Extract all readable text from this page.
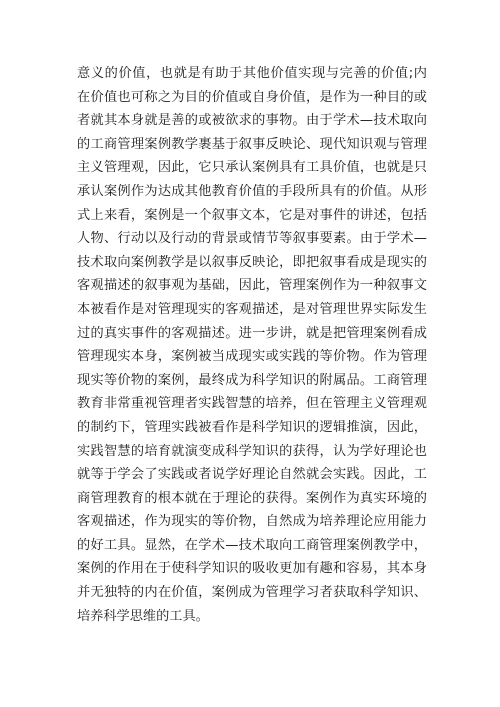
意义的价值，也就是有助于其他价值实现与完善的价值;内
在价值也可称之为目的价值或自身价值，是作为一种目的或
者就其本身就是善的或被欲求的事物。由于学术—技术取向
的工商管理案例教学裹基于叙事反映论、现代知识观与管理
主义管理观，因此，它只承认案例具有工具价值，也就是只
承认案例作为达成其他教育价值的手段所具有的价值。从形
式上来看，案例是一个叙事文本，它是对事件的讲述，包括
人物、行动以及行动的背景或情节等叙事要素。由于学术—
技术取向案例教学是以叙事反映论，即把叙事看成是现实的
客观描述的叙事观为基础，因此，管理案例作为一种叙事文
本被看作是对管理现实的客观描述，是对管理世界实际发生
过的真实事件的客观描述。进一步讲，就是把管理案例看成
管理现实本身，案例被当成现实或实践的等价物。作为管理
现实等价物的案例，最终成为科学知识的附属品。工商管理
教育非常重视管理者实践智慧的培养，但在管理主义管理观
的制约下，管理实践被看作是科学知识的逻辑推演，因此，
实践智慧的培育就演变成科学知识的获得，认为学好理论也
就等于学会了实践或者说学好理论自然就会实践。因此，工
商管理教育的根本就在于理论的获得。案例作为真实环境的
客观描述，作为现实的等价物，自然成为培养理论应用能力
的好工具。显然，在学术—技术取向工商管理案例教学中，
案例的作用在于使科学知识的吸收更加有趣和容易，其本身
并无独特的内在价值，案例成为管理学习者获取科学知识、
培养科学思维的工具。
